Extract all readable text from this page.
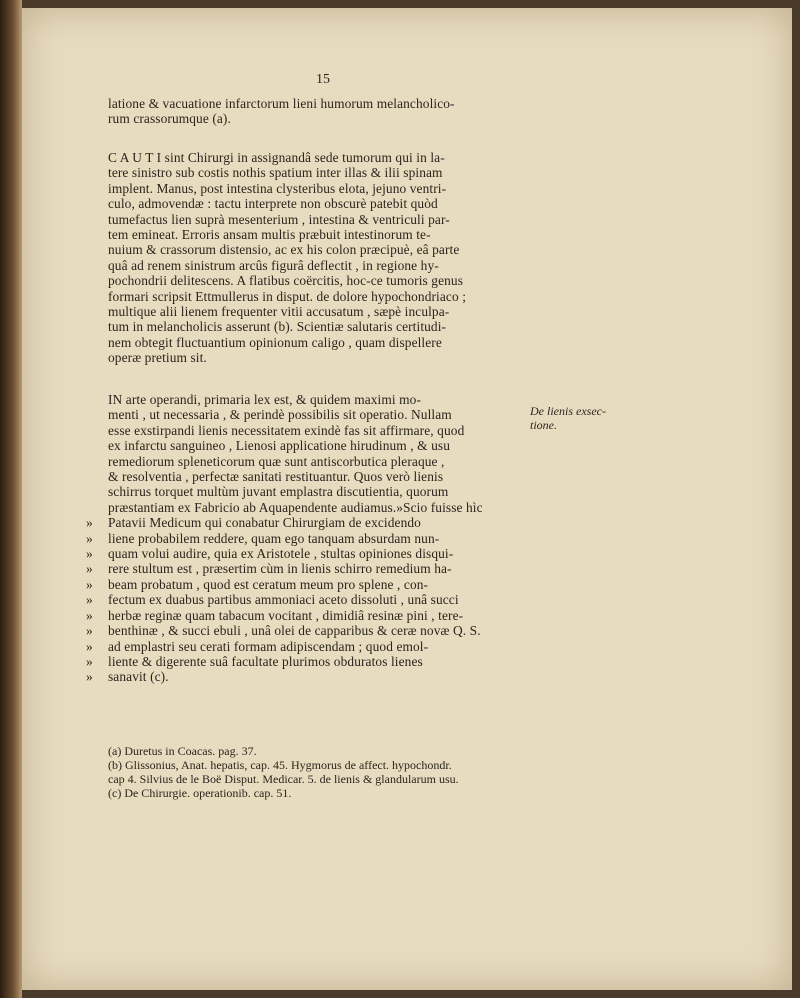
15
latione & vacuatione infarctorum lieni humorum melancholico-
rum crassorumque (a).
C A U T I sint Chirurgi in assignandâ sede tumorum qui in la-
tere sinistro sub costis nothis spatium inter illas & ilii spinam
implent. Manus, post intestina clysteribus elota, jejuno ventri-
culo, admovendæ : tactu interprete non obscurè patebit quòd
tumefactus lien suprà mesenterium , intestina & ventriculi par-
tem emineat. Erroris ansam multis præbuit intestinorum te-
nuium & crassorum distensio, ac ex his colon præcipuè, eâ parte
quâ ad renem sinistrum arcûs figurâ deflectit , in regione hy-
pochondrii delitescens. A flatibus coërcitis, hoc-ce tumoris genus
formari scripsit Ettmullerus in disput. de dolore hypochondriaco ;
multique alii lienem frequenter vitii accusatum , sæpè inculpa-
tum in melancholicis asserunt (b). Scientiæ salutaris certitudi-
nem obtegit fluctuantium opinionum caligo , quam dispellere
operæ pretium sit.
IN arte operandi, primaria lex est, & quidem maximi mo-
menti , ut necessaria , & perindè possibilis sit operatio. Nullam
esse exstirpandi lienis necessitatem exindè fas sit affirmare, quod
ex infarctu sanguineo , Lienosi applicatione hirudinum , & usu
remediorum spleneticorum quæ sunt antiscorbutica pleraque ,
& resolventia , perfectæ sanitati restituantur. Quos verò lienis
schirrus torquet multùm juvant emplastra discutientia, quorum
præstantiam ex Fabricio ab Aquapendente audiamus.»Scio fuisse hìc
» Patavii Medicum qui conabatur Chirurgiam de excidendo
» liene probabilem reddere, quam ego tanquam absurdam nun-
» quam volui audire, quia ex Aristotele , stultas opiniones disqui-
» rere stultum est , præsertim cùm in lienis schirro remedium ha-
» beam probatum , quod est ceratum meum pro splene , con-
» fectum ex duabus partibus ammoniaci aceto dissoluti , unâ succi
» herbæ reginæ quam tabacum vocitant , dimidiâ resinæ pini , tere-
» benthinæ , & succi ebuli , unâ olei de capparibus & ceræ novæ Q. S.
» ad emplastri seu cerati formam adipiscendam ; quod emol-
» liente & digerente suâ facultate plurimos obduratos lienes
» sanavit (c).
De lienis exsec-
tione.
(a) Duretus in Coacas. pag. 37.
(b) Glissonius, Anat. hepatis, cap. 45. Hygmorus de affect. hypochondr.
cap 4. Silvius de le Boë Disput. Medicar. 5. de lienis & glandularum usu.
(c) De Chirurgie. operationib. cap. 51.
